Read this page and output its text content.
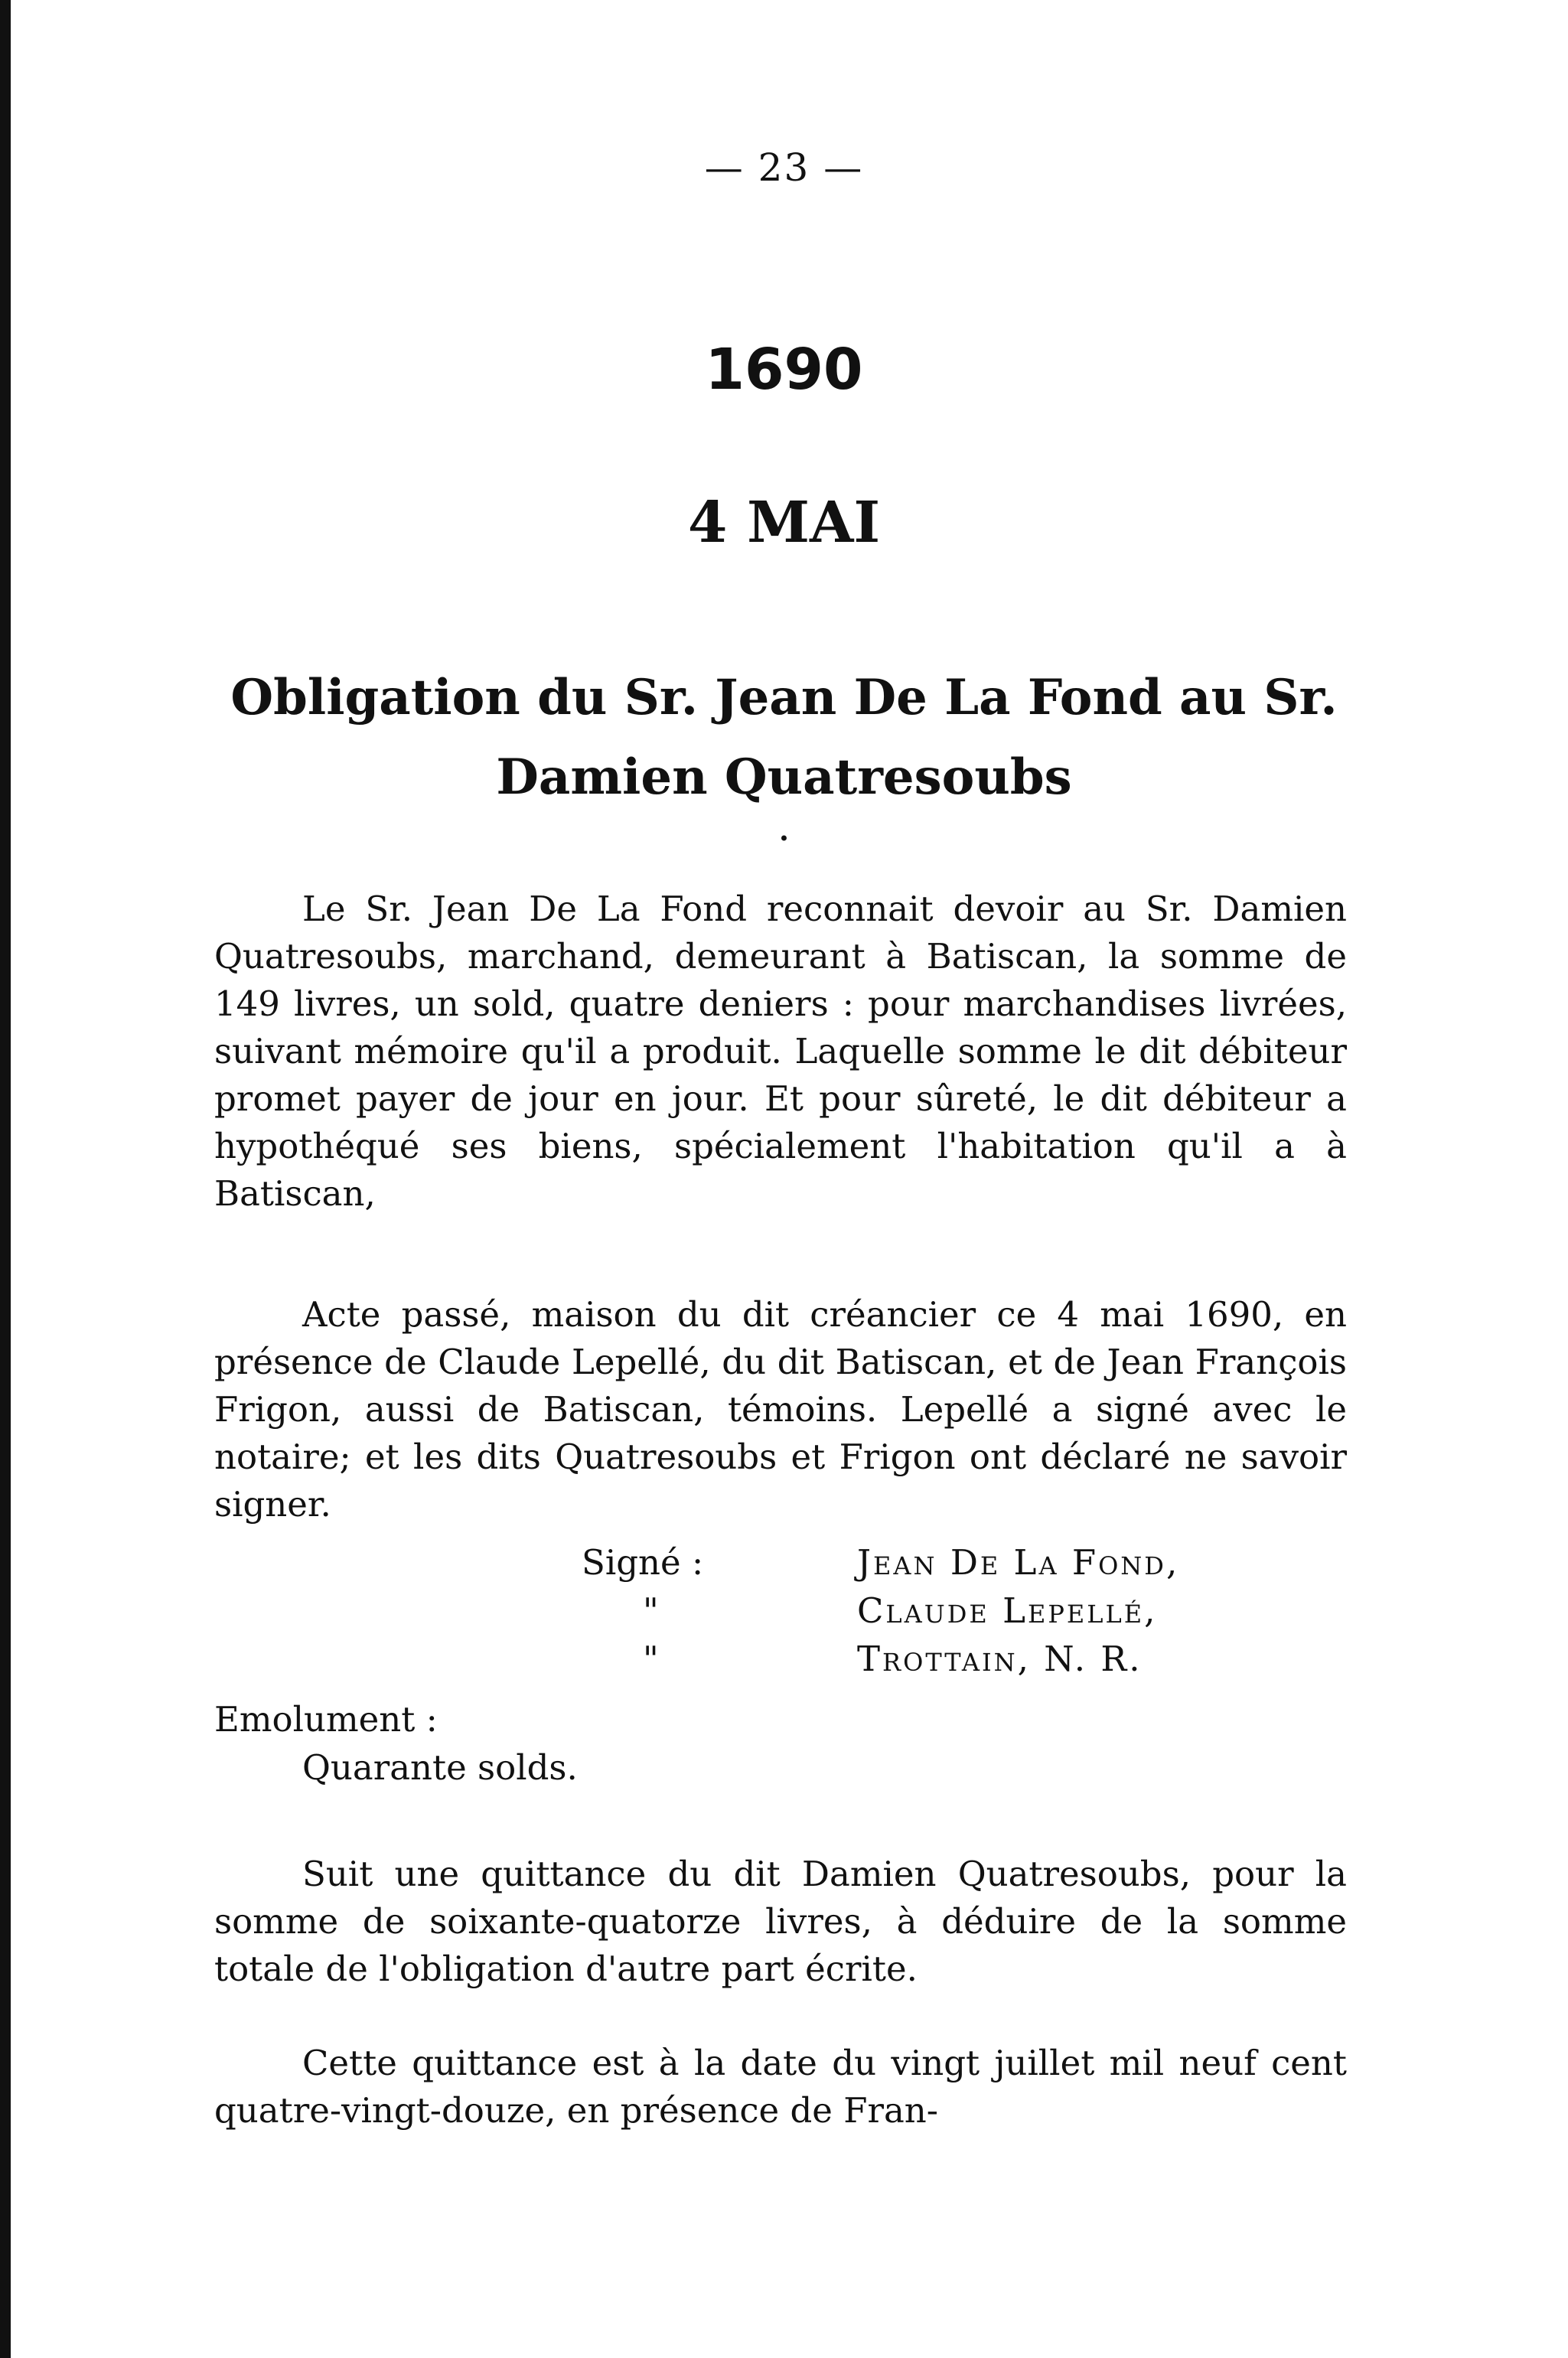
— 23 —
1690
4 MAI
Obligation du Sr. Jean De La Fond au Sr.
Damien Quatresoubs
•

Le Sr. Jean De La Fond reconnait devoir au Sr. Damien Quatresoubs, marchand, demeurant à Batiscan, la somme de 149 livres, un sold, quatre deniers : pour marchandises livrées, suivant mémoire qu'il a produit. Laquelle somme le dit débiteur promet payer de jour en jour. Et pour sûreté, le dit débiteur a hypothéqué ses biens, spécialement l'habitation qu'il a à Batiscan,

Acte passé, maison du dit créancier ce 4 mai 1690, en présence de Claude Lepellé, du dit Batiscan, et de Jean François Frigon, aussi de Batiscan, témoins. Lepellé a signé avec le notaire; et les dits Quatresoubs et Frigon ont déclaré ne savoir signer.

Signé :	Jean De La Fond,
"	Claude Lepellé,
"	Trottain, N. R.
Emolument :
Quarante solds.

Suit une quittance du dit Damien Quatresoubs, pour la somme de soixante-quatorze livres, à déduire de la somme totale de l'obligation d'autre part écrite.

Cette quittance est à la date du vingt juillet mil neuf cent quatre-vingt-douze, en présence de Fran-
